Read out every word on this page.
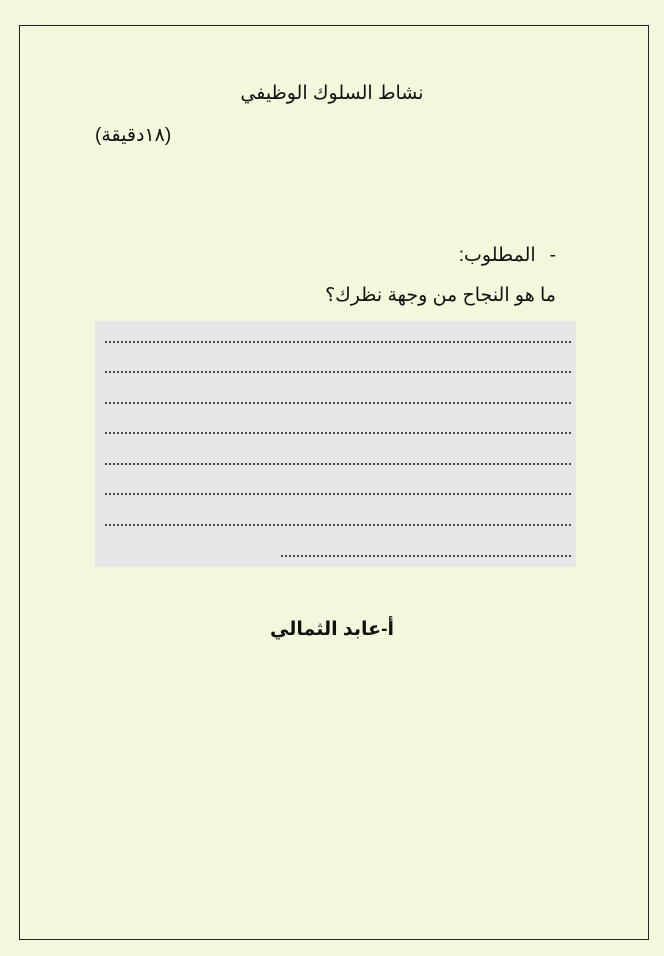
نشاط السلوك الوظيفي
(١٨دقيقة)
-المطلوب:
ما هو النجاح من وجهة نظرك؟
أ-عابد الثمالي
